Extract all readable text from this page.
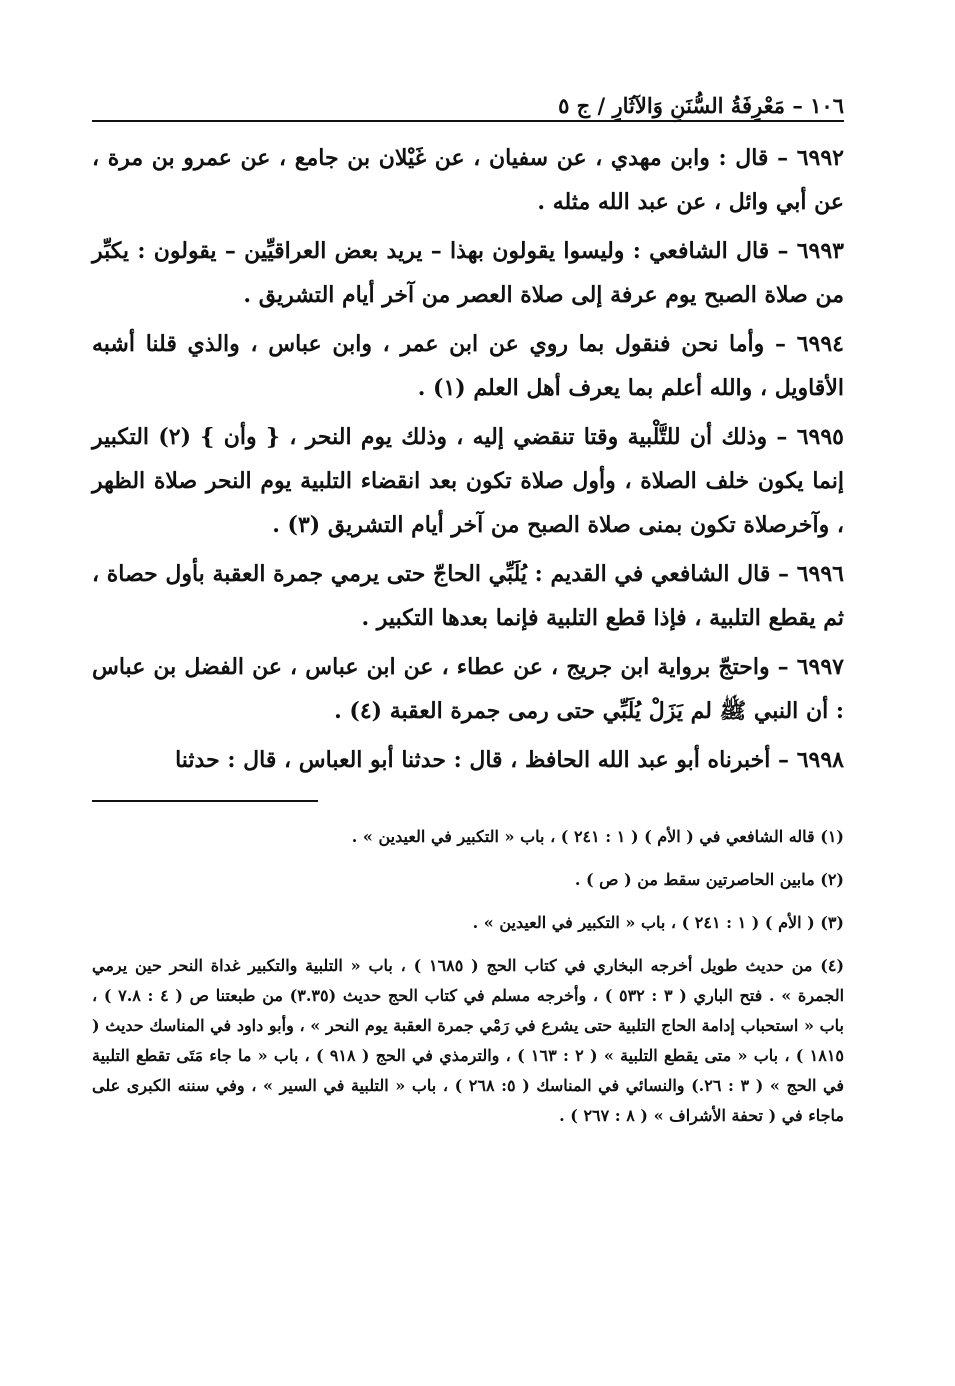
١٠٦ – مَعْرِفَةُ السُّنَنِ وَالآثَارِ / ج ٥

٦٩٩٢ – قال : وابن مهدي ، عن سفيان ، عن غَيْلان بن جامع ، عن عمرو بن مرة ، عن أبي وائل ، عن عبد الله مثله .

٦٩٩٣ – قال الشافعي : وليسوا يقولون بهذا – يريد بعض العراقيِّين – يقولون : يكبِّر من صلاة الصبح يوم عرفة إلى صلاة العصر من آخر أيام التشريق .

٦٩٩٤ – وأما نحن فنقول بما روي عن ابن عمر ، وابن عباس ، والذي قلنا أشبه الأقاويل ، والله أعلم بما يعرف أهل العلم (١) .

٦٩٩٥ – وذلك أن للتَّلْبية وقتا تنقضي إليه ، وذلك يوم النحر ، { وأن } (٢) التكبير إنما يكون خلف الصلاة ، وأول صلاة تكون بعد انقضاء التلبية يوم النحر صلاة الظهر ، وآخرصلاة تكون بمنى صلاة الصبح من آخر أيام التشريق (٣) .

٦٩٩٦ – قال الشافعي في القديم : يُلَبِّي الحاجّ حتى يرمي جمرة العقبة بأول حصاة ، ثم يقطع التلبية ، فإذا قطع التلبية فإنما بعدها التكبير .

٦٩٩٧ – واحتجّ برواية ابن جريج ، عن عطاء ، عن ابن عباس ، عن الفضل بن عباس : أن النبي ﷺ لم يَزَلْ يُلَبِّي حتى رمى جمرة العقبة (٤) .

٦٩٩٨ – أخبرناه أبو عبد الله الحافظ ، قال : حدثنا أبو العباس ، قال : حدثنا

(١) قاله الشافعي في ( الأم ) ( ١ : ٢٤١ ) ، باب « التكبير في العيدين » .

(٢) مابين الحاصرتين سقط من ( ص ) .

(٣) ( الأم ) ( ١ : ٢٤١ ) ، باب « التكبير في العيدين » .

(٤) من حديث طويل أخرجه البخاري في كتاب الحج ( ١٦٨٥ ) ، باب « التلبية والتكبير غداة النحر حين يرمي الجمرة » . فتح الباري ( ٣ : ٥٣٢ ) ، وأخرجه مسلم في كتاب الحج حديث (٣.٣٥) من طبعتنا ص ( ٤ : ٧.٨ ) ، باب « استحباب إدامة الحاج التلبية حتى يشرع في رَمْي جمرة العقبة يوم النحر » ، وأبو داود في المناسك حديث ( ١٨١٥ ) ، باب « متى يقطع التلبية » ( ٢ : ١٦٣ ) ، والترمذي في الحج ( ٩١٨ ) ، باب « ما جاء مَتَى تقطع التلبية في الحج » ( ٣ : ٢٦.) والنسائي في المناسك ( ٥: ٢٦٨ ) ، باب « التلبية في السير » ، وفي سننه الكبرى على ماجاء في ( تحفة الأشراف » ( ٨ : ٢٦٧ ) .
